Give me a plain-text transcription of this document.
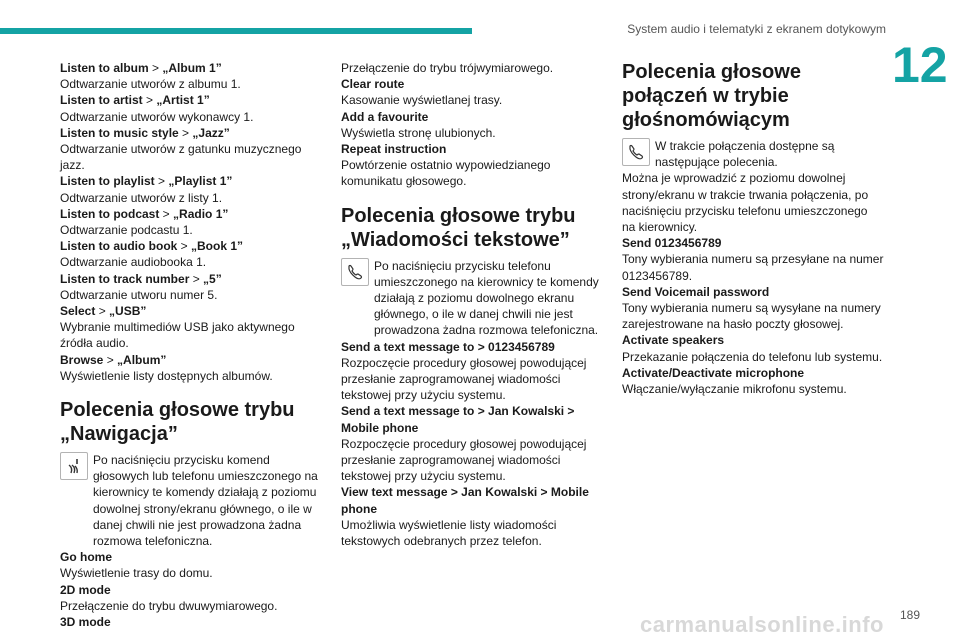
System audio i telematyki z ekranem dotykowym
12

Listen to album > „Album 1”

Odtwarzanie utworów z albumu 1.

Listen to artist > „Artist 1”

Odtwarzanie utworów wykonawcy 1.

Listen to music style > „Jazz”

Odtwarzanie utworów z gatunku muzycznego jazz.

Listen to playlist > „Playlist 1”

Odtwarzanie utworów z listy 1.

Listen to podcast > „Radio 1”

Odtwarzanie podcastu 1.

Listen to audio book > „Book 1”

Odtwarzanie audiobooka 1.

Listen to track number > „5”

Odtwarzanie utworu numer 5.

Select > „USB”

Wybranie multimediów USB jako aktywnego źródła audio.

Browse > „Album”

Wyświetlenie listy dostępnych albumów.

Polecenia głosowe trybu „Nawigacja”

Po naciśnięciu przycisku komend głosowych lub telefonu umieszczonego na kierownicy te komendy działają z poziomu dowolnej strony/ekranu głównego, o ile w danej chwili nie jest prowadzona żadna rozmowa telefoniczna.

Go home

Wyświetlenie trasy do domu.

2D mode

Przełączenie do trybu dwuwymiarowego.

3D mode

Przełączenie do trybu trójwymiarowego.

Clear route

Kasowanie wyświetlanej trasy.

Add a favourite

Wyświetla stronę ulubionych.

Repeat instruction

Powtórzenie ostatnio wypowiedzianego komunikatu głosowego.

Polecenia głosowe trybu „Wiadomości tekstowe”

Po naciśnięciu przycisku telefonu umieszczonego na kierownicy te komendy działają z poziomu dowolnego ekranu głównego, o ile w danej chwili nie jest prowadzona żadna rozmowa telefoniczna.

Send a text message to > 0123456789

Rozpoczęcie procedury głosowej powodującej przesłanie zaprogramowanej wiadomości tekstowej przy użyciu systemu.

Send a text message to > Jan Kowalski > Mobile phone

Rozpoczęcie procedury głosowej powodującej przesłanie zaprogramowanej wiadomości tekstowej przy użyciu systemu.

View text message > Jan Kowalski > Mobile phone

Umożliwia wyświetlenie listy wiadomości tekstowych odebranych przez telefon.

Polecenia głosowe połączeń w trybie głośnomówiącym

W trakcie połączenia dostępne są następujące polecenia.

Można je wprowadzić z poziomu dowolnej strony/ekranu w trakcie trwania połączenia, po naciśnięciu przycisku telefonu umieszczonego na kierownicy.

Send 0123456789

Tony wybierania numeru są przesyłane na numer 0123456789.

Send Voicemail password

Tony wybierania numeru są wysyłane na numery zarejestrowane na hasło poczty głosowej.

Activate speakers

Przekazanie połączenia do telefonu lub systemu.

Activate/Deactivate microphone

Włączanie/wyłączanie mikrofonu systemu.

carmanualsonline.info 189
